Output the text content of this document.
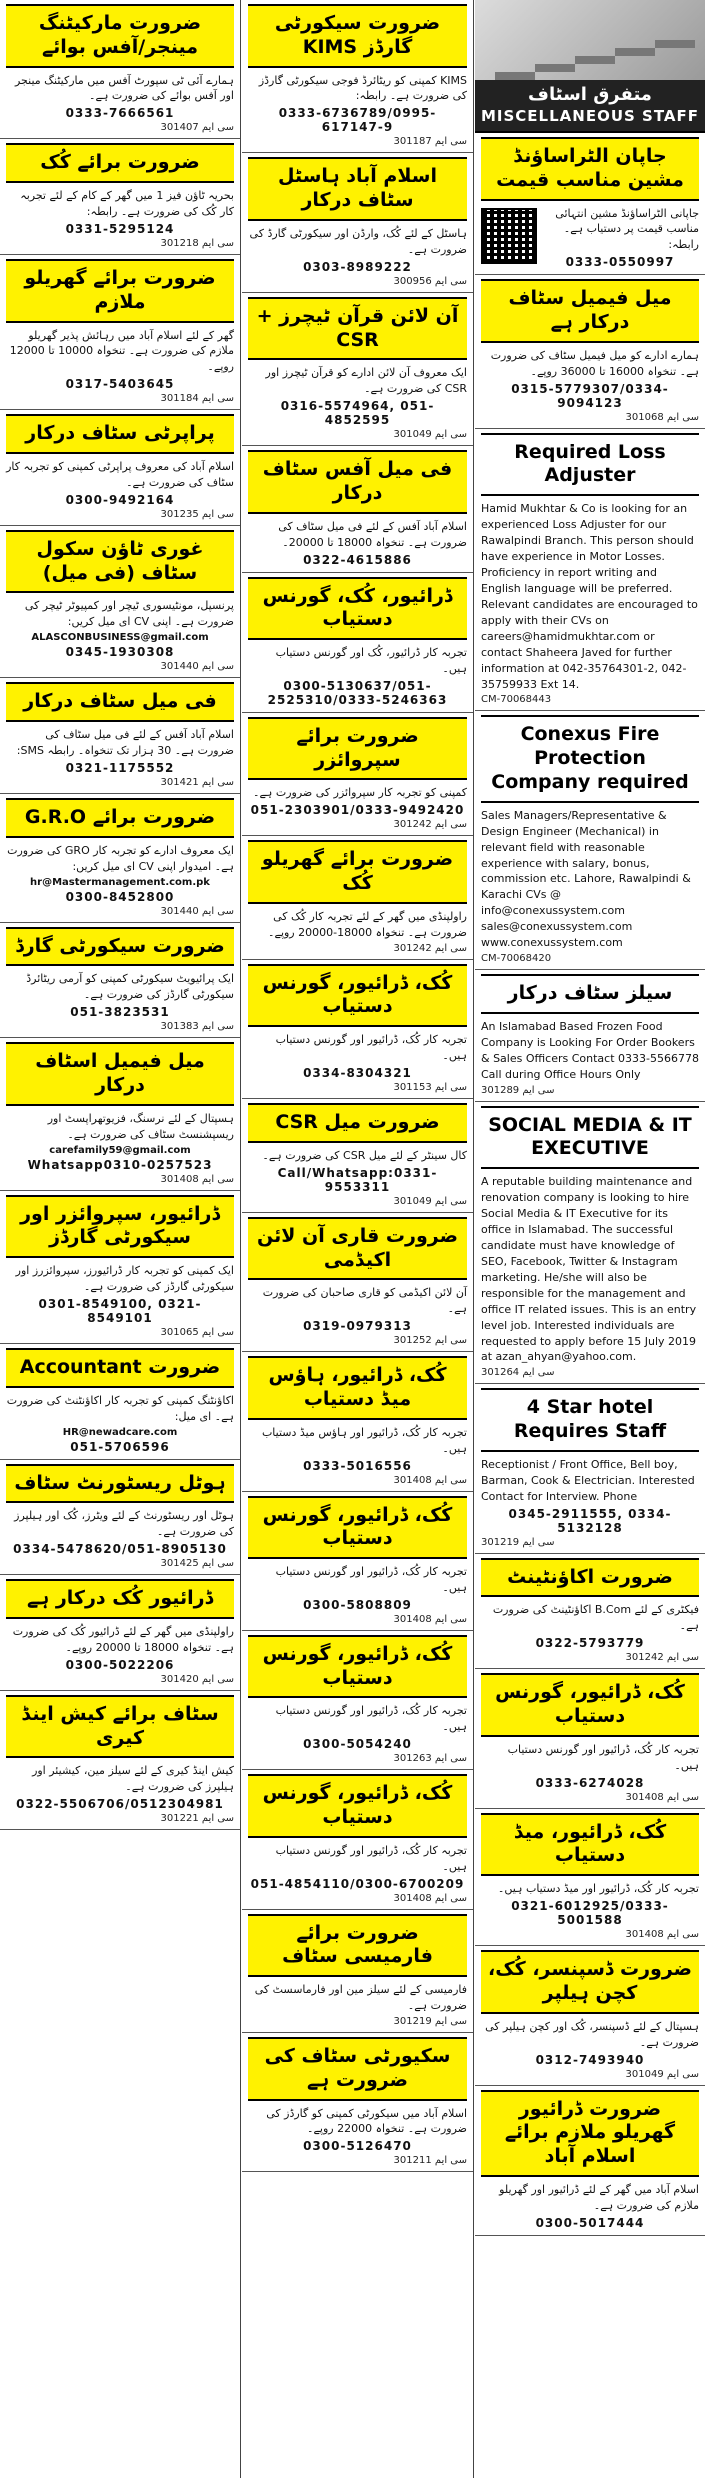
ضرورت مارکیٹنگ مینجر/آفس بوائے
ہمارے آئی ٹی سپورٹ آفس میں مارکیٹنگ مینجر اور آفس بوائے کی ضرورت ہے۔
0333-7666561
سی ایم 301407
ضرورت برائے کُک
بحریہ ٹاؤن فیز 1 میں گھر کے کام کے لئے تجربہ کار کُک کی ضرورت ہے۔ رابطہ:
0331-5295124
سی ایم 301218
ضرورت برائے گھریلو ملازم
گھر کے لئے اسلام آباد میں رہائش پذیر گھریلو ملازم کی ضرورت ہے۔ تنخواہ 10000 تا 12000 روپے۔
0317-5403645
سی ایم 301184
پراپرٹی سٹاف درکار
اسلام آباد کی معروف پراپرٹی کمپنی کو تجربہ کار سٹاف کی ضرورت ہے۔
0300-9492164
سی ایم 301235
غوری ٹاؤن سکول سٹاف (فی میل)
پرنسپل، مونٹیسوری ٹیچر اور کمپیوٹر ٹیچر کی ضرورت ہے۔ اپنی CV ای میل کریں:
ALASCONBUSINESS@gmail.com
0345-1930308
سی ایم 301440
فی میل سٹاف درکار
اسلام آباد آفس کے لئے فی میل سٹاف کی ضرورت ہے۔ 30 ہزار تک تنخواہ۔ رابطہ SMS:
0321-1175552
سی ایم 301421
ضرورت برائے G.R.O
ایک معروف ادارے کو تجربہ کار GRO کی ضرورت ہے۔ امیدوار اپنی CV ای میل کریں:
hr@Mastermanagement.com.pk
0300-8452800
سی ایم 301440
ضرورت سیکورٹی گارڈ
ایک پرائیویٹ سیکورٹی کمپنی کو آرمی ریٹائرڈ سیکورٹی گارڈز کی ضرورت ہے۔
051-3823531
سی ایم 301383
میل فیمیل اسٹاف درکار
ہسپتال کے لئے نرسنگ، فزیوتھراپسٹ اور ریسپشنسٹ سٹاف کی ضرورت ہے۔
carefamily59@gmail.com
Whatsapp0310-0257523
سی ایم 301408
ڈرائیور، سپروائزر اور سیکورٹی گارڈز
ایک کمپنی کو تجربہ کار ڈرائیورز، سپروائزرز اور سیکورٹی گارڈز کی ضرورت ہے۔
0301-8549100, 0321-8549101
سی ایم 301065
ضرورت Accountant
اکاؤنٹنگ کمپنی کو تجربہ کار اکاؤنٹنٹ کی ضرورت ہے۔ ای میل:
HR@newadcare.com
051-5706596
ہوٹل ریسٹورنٹ سٹاف
ہوٹل اور ریسٹورنٹ کے لئے ویٹرز، کُک اور ہیلپرز کی ضرورت ہے۔
0334-5478620/051-8905130
سی ایم 301425
ڈرائیور کُک درکار ہے
راولپنڈی میں گھر کے لئے ڈرائیور کُک کی ضرورت ہے۔ تنخواہ 18000 تا 20000 روپے۔
0300-5022206
سی ایم 301420
سٹاف برائے کیش اینڈ کیری
کیش اینڈ کیری کے لئے سیلز مین، کیشیئر اور ہیلپرز کی ضرورت ہے۔
0322-5506706/0512304981
سی ایم 301221
ضرورت سیکورٹی گارڈز KIMS
KIMS کمپنی کو ریٹائرڈ فوجی سیکورٹی گارڈز کی ضرورت ہے۔ رابطہ:
0333-6736789/0995-617147-9
سی ایم 301187
اسلام آباد ہاسٹل سٹاف درکار
ہاسٹل کے لئے کُک، وارڈن اور سیکورٹی گارڈ کی ضرورت ہے۔
0303-8989222
سی ایم 300956
آن لائن قرآن ٹیچرز + CSR
ایک معروف آن لائن ادارے کو قرآن ٹیچرز اور CSR کی ضرورت ہے۔
0316-5574964, 051-4852595
سی ایم 301049
فی میل آفس سٹاف درکار
اسلام آباد آفس کے لئے فی میل سٹاف کی ضرورت ہے۔ تنخواہ 18000 تا 20000۔
0322-4615886
ڈرائیور، کُک، گورنس دستیاب
تجربہ کار ڈرائیور، کُک اور گورنس دستیاب ہیں۔
0300-5130637/051-2525310/0333-5246363
ضرورت برائے سپروائزر
کمپنی کو تجربہ کار سپروائزر کی ضرورت ہے۔
051-2303901/0333-9492420
سی ایم 301242
ضرورت برائے گھریلو کُک
راولپنڈی میں گھر کے لئے تجربہ کار کُک کی ضرورت ہے۔ تنخواہ 18000-20000 روپے۔
سی ایم 301242
کُک، ڈرائیور، گورنس دستیاب
تجربہ کار کُک، ڈرائیور اور گورنس دستیاب ہیں۔
0334-8304321
سی ایم 301153
ضرورت میل CSR
کال سینٹر کے لئے میل CSR کی ضرورت ہے۔
Call/Whatsapp:0331-9553311
سی ایم 301049
ضرورت قاری آن لائن اکیڈمی
آن لائن اکیڈمی کو قاری صاحبان کی ضرورت ہے۔
0319-0979313
سی ایم 301252
کُک، ڈرائیور، ہاؤس میڈ دستیاب
تجربہ کار کُک، ڈرائیور اور ہاؤس میڈ دستیاب ہیں۔
0333-5016556
سی ایم 301408
کُک، ڈرائیور، گورنس دستیاب
تجربہ کار کُک، ڈرائیور اور گورنس دستیاب ہیں۔
0300-5808809
سی ایم 301408
کُک، ڈرائیور، گورنس دستیاب
تجربہ کار کُک، ڈرائیور اور گورنس دستیاب ہیں۔
0300-5054240
سی ایم 301263
کُک، ڈرائیور، گورنس دستیاب
تجربہ کار کُک، ڈرائیور اور گورنس دستیاب ہیں۔
051-4854110/0300-6700209
سی ایم 301408
ضرورت برائے فارمیسی سٹاف
فارمیسی کے لئے سیلز مین اور فارماسسٹ کی ضرورت ہے۔
سی ایم 301219
سکیورٹی سٹاف کی ضرورت ہے
اسلام آباد میں سیکورٹی کمپنی کو گارڈز کی ضرورت ہے۔ تنخواہ 22000 روپے۔
0300-5126470
سی ایم 301211
متفرق اسٹاف
MISCELLANEOUS STAFF
جاپان الٹراساؤنڈ مشین مناسب قیمت
جاپانی الٹراساؤنڈ مشین انتہائی مناسب قیمت پر دستیاب ہے۔ رابطہ:
0333-0550997
میل فیمیل سٹاف درکار ہے
ہمارے ادارے کو میل فیمیل سٹاف کی ضرورت ہے۔ تنخواہ 16000 تا 36000 روپے۔
0315-5779307/0334-9094123
سی ایم 301068
Required Loss Adjuster
Hamid Mukhtar & Co is looking for an experienced Loss Adjuster for our Rawalpindi Branch. This person should have experience in Motor Losses. Proficiency in report writing and English language will be preferred. Relevant candidates are encouraged to apply with their CVs on careers@hamidmukhtar.com or contact Shaheera Javed for further information at 042-35764301-2, 042-35759933 Ext 14.
CM-70068443
Conexus Fire Protection Company required
Sales Managers/Representative & Design Engineer (Mechanical) in relevant field with reasonable experience with salary, bonus, commission etc. Lahore, Rawalpindi & Karachi CVs @ info@conexussystem.com sales@conexussystem.com www.conexussystem.com
CM-70068420
سیلز سٹاف درکار
An Islamabad Based Frozen Food Company is Looking For Order Bookers & Sales Officers Contact 0333-5566778 Call during Office Hours Only
سی ایم 301289
SOCIAL MEDIA & IT EXECUTIVE
A reputable building maintenance and renovation company is looking to hire Social Media & IT Executive for its office in Islamabad. The successful candidate must have knowledge of SEO, Facebook, Twitter & Instagram marketing. He/she will also be responsible for the management and office IT related issues. This is an entry level job. Interested individuals are requested to apply before 15 July 2019 at azan_ahyan@yahoo.com.
سی ایم 301264
4 Star hotel Requires Staff
Receptionist / Front Office, Bell boy, Barman, Cook & Electrician. Interested Contact for Interview. Phone
0345-2911555, 0334-5132128
سی ایم 301219
ضرورت اکاؤنٹینٹ
فیکٹری کے لئے B.Com اکاؤنٹینٹ کی ضرورت ہے۔
0322-5793779
سی ایم 301242
کُک، ڈرائیور، گورنس دستیاب
تجربہ کار کُک، ڈرائیور اور گورنس دستیاب ہیں۔
0333-6274028
سی ایم 301408
کُک، ڈرائیور، میڈ دستیاب
تجربہ کار کُک، ڈرائیور اور میڈ دستیاب ہیں۔
0321-6012925/0333-5001588
سی ایم 301408
ضرورت ڈسپنسر، کُک، کچن ہیلپر
ہسپتال کے لئے ڈسپنسر، کُک اور کچن ہیلپر کی ضرورت ہے۔
0312-7493940
سی ایم 301049
ضرورت ڈرائیور گھریلو ملازم برائے اسلام آباد
اسلام آباد میں گھر کے لئے ڈرائیور اور گھریلو ملازم کی ضرورت ہے۔
0300-5017444
